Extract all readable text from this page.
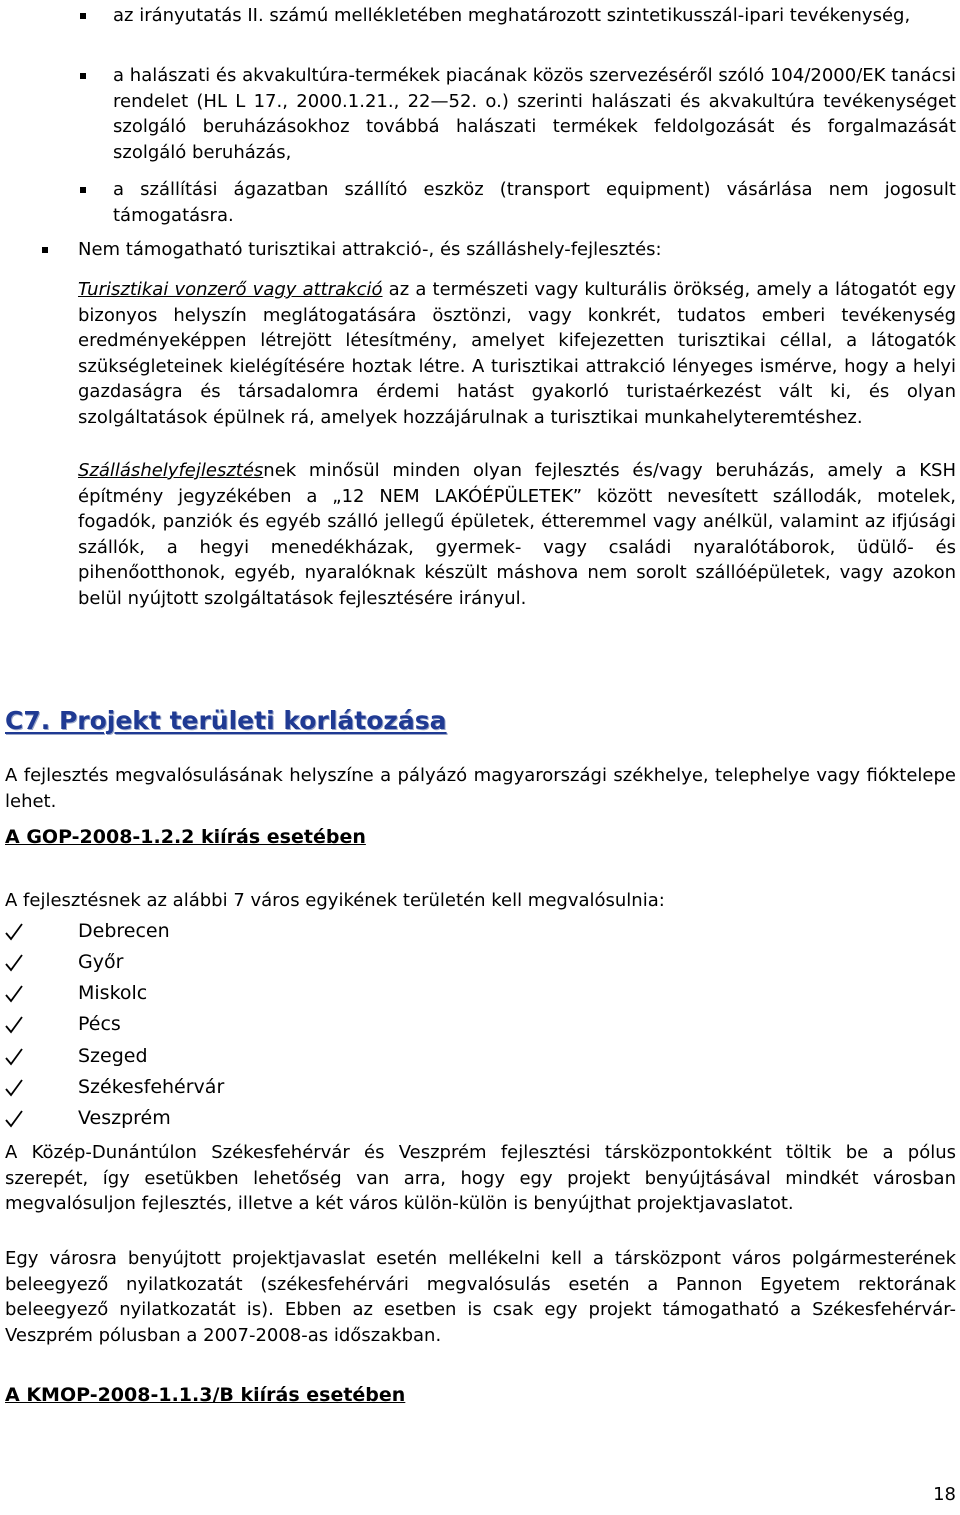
az irányutatás II. számú mellékletében meghatározott szintetikusszál-ipari tevékenység,

a halászati és akvakultúra-termékek piacának közös szervezéséről szóló 104/2000/EK tanácsi rendelet (HL L 17., 2000.1.21., 22—52. o.) szerinti halászati és akvakultúra tevékenységet szolgáló beruházásokhoz továbbá halászati termékek feldolgozását és forgalmazását szolgáló beruházás,

a szállítási ágazatban szállító eszköz (transport equipment) vásárlása nem jogosult támogatásra.

Nem támogatható turisztikai attrakció-, és szálláshely-fejlesztés:

Turisztikai vonzerő vagy attrakció az a természeti vagy kulturális örökség, amely a látogatót egy bizonyos helyszín meglátogatására ösztönzi, vagy konkrét, tudatos emberi tevékenység eredményeképpen létrejött létesítmény, amelyet kifejezetten turisztikai céllal, a látogatók szükségleteinek kielégítésére hoztak létre. A turisztikai attrakció lényeges ismérve, hogy a helyi gazdaságra és társadalomra érdemi hatást gyakorló turistaérkezést vált ki, és olyan szolgáltatások épülnek rá, amelyek hozzájárulnak a turisztikai munkahelyteremtéshez.

Szálláshelyfejlesztésnek minősül minden olyan fejlesztés és/vagy beruházás, amely a KSH építmény jegyzékében a „12 NEM LAKÓÉPÜLETEK” között nevesített szállodák, motelek, fogadók, panziók és egyéb szálló jellegű épületek, étteremmel vagy anélkül, valamint az ifjúsági szállók, a hegyi menedékházak, gyermek- vagy családi nyaralótáborok, üdülő- és pihenőotthonok, egyéb, nyaralóknak készült máshova nem sorolt szállóépületek, vagy azokon belül nyújtott szolgáltatások fejlesztésére irányul.

C7. Projekt területi korlátozása

A fejlesztés megvalósulásának helyszíne a pályázó magyarországi székhelye, telephelye vagy fióktelepe lehet.

A GOP-2008-1.2.2 kiírás esetében

A fejlesztésnek az alábbi 7 város egyikének területén kell megvalósulnia:

Debrecen
Győr
Miskolc
Pécs
Szeged
Székesfehérvár
Veszprém

A Közép-Dunántúlon Székesfehérvár és Veszprém fejlesztési társközpontokként töltik be a pólus szerepét, így esetükben lehetőség van arra, hogy egy projekt benyújtásával mindkét városban megvalósuljon fejlesztés, illetve a két város külön-külön is benyújthat projektjavaslatot.

Egy városra benyújtott projektjavaslat esetén mellékelni kell a társközpont város polgármesterének beleegyező nyilatkozatát (székesfehérvári megvalósulás esetén a Pannon Egyetem rektorának beleegyező nyilatkozatát is). Ebben az esetben is csak egy projekt támogatható a Székesfehérvár-Veszprém pólusban a 2007-2008-as időszakban.

A KMOP-2008-1.1.3/B kiírás esetében
18
